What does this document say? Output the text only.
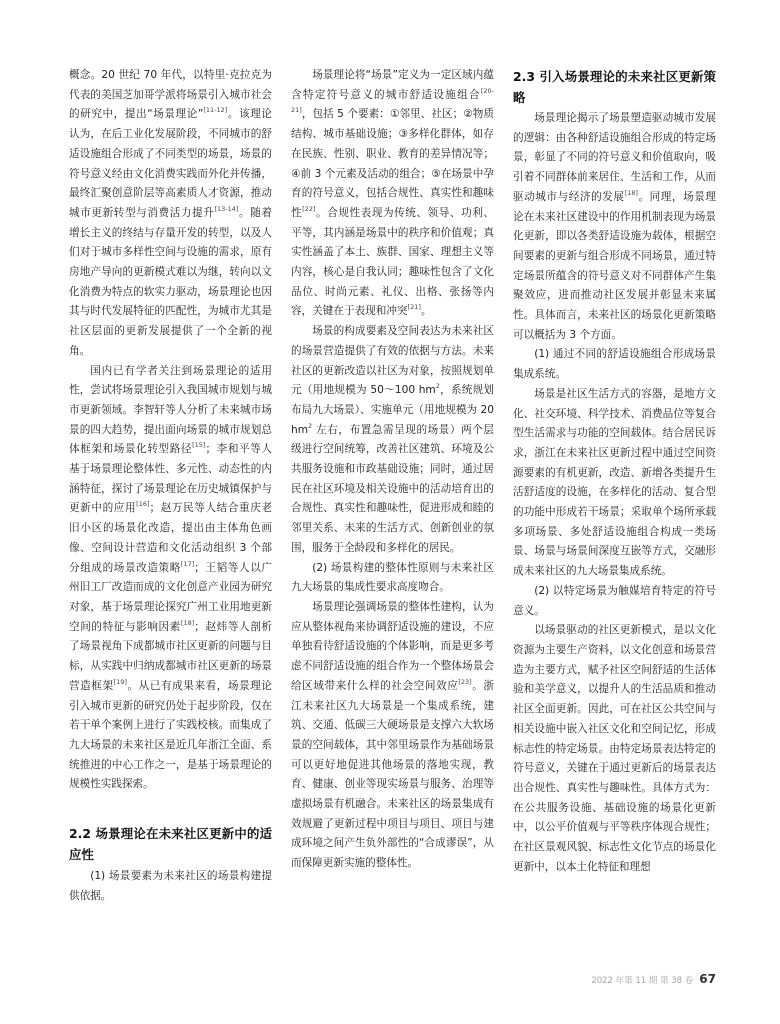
概念。20 世纪 70 年代，以特里·克拉克为代表的美国芝加哥学派将场景引入城市社会的研究中，提出“场景理论”[11-12]。该理论认为，在后工业化发展阶段，不同城市的舒适设施组合形成了不同类型的场景，场景的符号意义经由文化消费实践而外化并传播，最终汇聚创意阶层等高素质人才资源，推动城市更新转型与消费活力提升[13-14]。随着增长主义的终结与存量开发的转型，以及人们对于城市多样性空间与设施的需求，原有房地产导向的更新模式难以为继，转向以文化消费为特点的软实力驱动，场景理论也因其与时代发展特征的匹配性，为城市尤其是社区层面的更新发展提供了一个全新的视角。

国内已有学者关注到场景理论的适用性，尝试将场景理论引入我国城市规划与城市更新领域。李智轩等人分析了未来城市场景的四大趋势，提出面向场景的城市规划总体框架和场景化转型路径[15]；李和平等人基于场景理论整体性、多元性、动态性的内涵特征，探讨了场景理论在历史城镇保护与更新中的应用[16]；赵万民等人结合重庆老旧小区的场景化改造，提出由主体角色画像、空间设计营造和文化活动组织 3 个部分组成的场景改造策略[17]；王韬等人以广州旧工厂改造而成的文化创意产业园为研究对象，基于场景理论探究广州工业用地更新空间的特征与影响因素[18]；赵炜等人剖析了场景视角下成都城市社区更新的问题与目标，从实践中归纳成都城市社区更新的场景营造框架[19]。从已有成果来看，场景理论引入城市更新的研究仍处于起步阶段，仅在若干单个案例上进行了实践校核。而集成了九大场景的未来社区是近几年浙江全面、系统推进的中心工作之一，是基于场景理论的规模性实践探索。

2.2 场景理论在未来社区更新中的适应性

(1) 场景要素为未来社区的场景构建提供依据。

场景理论将“场景”定义为一定区域内蕴含特定符号意义的城市舒适设施组合[20-21]，包括 5 个要素：①邻里、社区；②物质结构、城市基础设施；③多样化群体，如存在民族、性别、职业、教育的差异情况等；④前 3 个元素及活动的组合；⑤在场景中孕育的符号意义，包括合规性、真实性和趣味性[22]。合规性表现为传统、领导、功利、平等，其内涵是场景中的秩序和价值观；真实性涵盖了本土、族群、国家、理想主义等内容，核心是自我认同；趣味性包含了文化品位、时尚元素、礼仪、出格、张扬等内容，关键在于表现和冲突[21]。

场景的构成要素及空间表达为未来社区的场景营造提供了有效的依据与方法。未来社区的更新改造以社区为对象，按照规划单元（用地规模为 50～100 $hm^2$，系统规划布局九大场景）、实施单元（用地规模为 20 $hm^2$ 左右，布置急需呈现的场景）两个层级进行空间统筹，改善社区建筑、环境及公共服务设施和市政基础设施；同时，通过居民在社区环境及相关设施中的活动培育出的合规性、真实性和趣味性，促进形成和睦的邻里关系、未来的生活方式、创新创业的氛围，服务于全龄段和多样化的居民。

(2) 场景构建的整体性原则与未来社区九大场景的集成性要求高度吻合。

场景理论强调场景的整体性建构，认为应从整体视角来协调舒适设施的建设，不应单独看待舒适设施的个体影响，而是更多考虑不同舒适设施的组合作为一个整体场景会给区域带来什么样的社会空间效应[23]。浙江未来社区九大场景是一个集成系统，建筑、交通、低碳三大硬场景是支撑六大软场景的空间载体，其中邻里场景作为基础场景可以更好地促进其他场景的落地实现，教育、健康、创业等现实场景与服务、治理等虚拟场景有机融合。未来社区的场景集成有效规避了更新过程中项目与项目、项目与建成环境之间产生负外部性的“合成谬误”，从而保障更新实施的整体性。

2.3 引入场景理论的未来社区更新策略

场景理论揭示了场景塑造驱动城市发展的逻辑：由各种舒适设施组合形成的特定场景，彰显了不同的符号意义和价值取向，吸引着不同群体前来居住、生活和工作，从而驱动城市与经济的发展[18]。同理，场景理论在未来社区建设中的作用机制表现为场景化更新，即以各类舒适设施为载体，根据空间要素的更新与组合形成不同场景，通过特定场景所蕴含的符号意义对不同群体产生集聚效应，进而推动社区发展并彰显未来属性。具体而言，未来社区的场景化更新策略可以概括为 3 个方面。

(1) 通过不同的舒适设施组合形成场景集成系统。

场景是社区生活方式的容器，是地方文化、社交环境、科学技术、消费品位等复合型生活需求与功能的空间载体。结合居民诉求，浙江在未来社区更新过程中通过空间资源要素的有机更新，改造、新增各类提升生活舒适度的设施，在多样化的活动、复合型的功能中形成若干场景；采取单个场所承载多项场景、多处舒适设施组合构成一类场景、场景与场景间深度互嵌等方式，交融形成未来社区的九大场景集成系统。

(2) 以特定场景为触媒培育特定的符号意义。

以场景驱动的社区更新模式，是以文化资源为主要生产资料，以文化创意和场景营造为主要方式，赋予社区空间舒适的生活体验和美学意义，以提升人的生活品质和推动社区全面更新。因此，可在社区公共空间与相关设施中嵌入社区文化和空间记忆，形成标志性的特定场景。由特定场景表达特定的符号意义，关键在于通过更新后的场景表达出合规性、真实性与趣味性。具体方式为：在公共服务设施、基础设施的场景化更新中，以公平价值观与平等秩序体现合规性；在社区景观风貌、标志性文化节点的场景化更新中，以本土化特征和理想

2022 年第 11 期 第 38 卷 67
